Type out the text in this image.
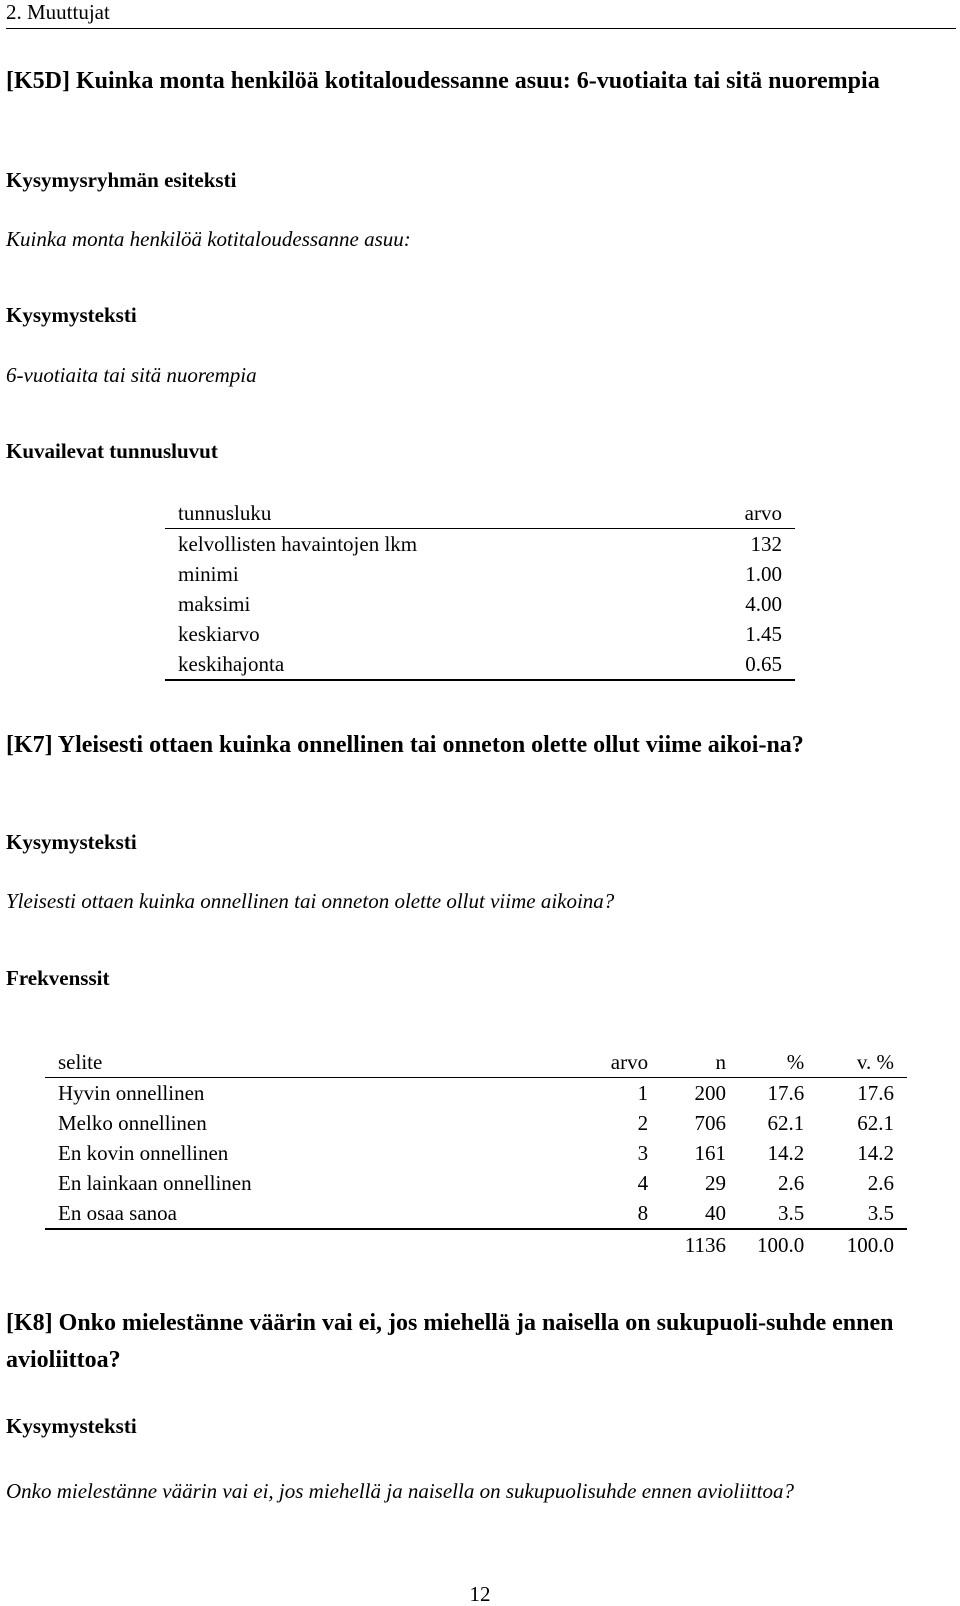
2. Muuttujat
[K5D] Kuinka monta henkilöä kotitaloudessanne asuu: 6-vuotiaita tai sitä nuorempia
Kysymysryhmän esiteksti
Kuinka monta henkilöä kotitaloudessanne asuu:
Kysymysteksti
6-vuotiaita tai sitä nuorempia
Kuvailevat tunnusluvut
tunnusluku	arvo
kelvollisten havaintojen lkm	132
minimi	1.00
maksimi	4.00
keskiarvo	1.45
keskihajonta	0.65
[K7] Yleisesti ottaen kuinka onnellinen tai onneton olette ollut viime aikoi-na?
Kysymysteksti
Yleisesti ottaen kuinka onnellinen tai onneton olette ollut viime aikoina?
Frekvenssit
selite	arvo	n	%	v. %
Hyvin onnellinen	1	200	17.6	17.6
Melko onnellinen	2	706	62.1	62.1
En kovin onnellinen	3	161	14.2	14.2
En lainkaan onnellinen	4	29	2.6	2.6
En osaa sanoa	8	40	3.5	3.5
		1136	100.0	100.0
[K8] Onko mielestänne väärin vai ei, jos miehellä ja naisella on sukupuoli-suhde ennen avioliittoa?
Kysymysteksti
Onko mielestänne väärin vai ei, jos miehellä ja naisella on sukupuolisuhde ennen avioliittoa?
12
